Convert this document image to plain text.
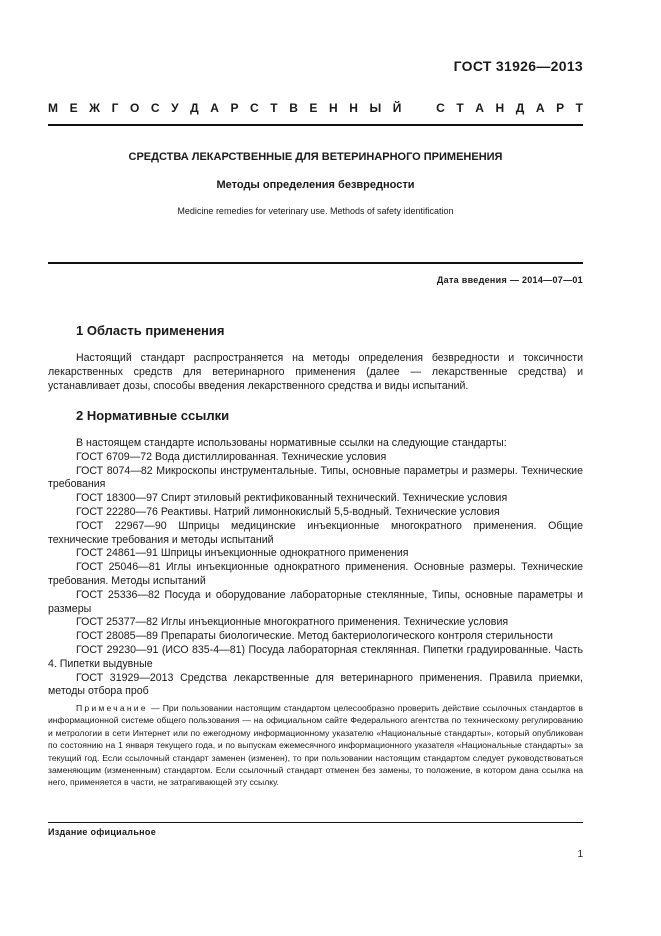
ГОСТ 31926—2013
М Е Ж Г О С У Д А Р С Т В Е Н Н Ы Й	С Т А Н Д А Р Т
СРЕДСТВА ЛЕКАРСТВЕННЫЕ ДЛЯ ВЕТЕРИНАРНОГО ПРИМЕНЕНИЯ
Методы определения безвредности
Medicine remedies for veterinary use. Methods of safety identification
Дата введения — 2014—07—01
1 Область применения

Настоящий стандарт распространяется на методы определения безвредности и токсичности лекарственных средств для ветеринарного применения (далее — лекарственные средства) и устанавливает дозы, способы введения лекарственного средства и виды испытаний.

2 Нормативные ссылки

В настоящем стандарте использованы нормативные ссылки на следующие стандарты:

ГОСТ 6709—72 Вода дистиллированная. Технические условия

ГОСТ 8074—82 Микроскопы инструментальные. Типы, основные параметры и размеры. Технические требования

ГОСТ 18300—97 Спирт этиловый ректификованный технический. Технические условия

ГОСТ 22280—76 Реактивы. Натрий лимоннокислый 5,5-водный. Технические условия

ГОСТ 22967—90 Шприцы медицинские инъекционные многократного применения. Общие технические требования и методы испытаний

ГОСТ 24861—91 Шприцы инъекционные однократного применения

ГОСТ 25046—81 Иглы инъекционные однократного применения. Основные размеры. Технические требования. Методы испытаний

ГОСТ 25336—82 Посуда и оборудование лабораторные стеклянные, Типы, основные параметры и размеры

ГОСТ 25377—82 Иглы инъекционные многократного применения. Технические условия

ГОСТ 28085—89 Препараты биологические. Метод бактериологического контроля стерильности

ГОСТ 29230—91 (ИСО 835-4—81) Посуда лабораторная стеклянная. Пипетки градуированные. Часть 4. Пипетки выдувные

ГОСТ 31929—2013 Средства лекарственные для ветеринарного применения. Правила приемки, методы отбора проб

Примечание — При пользовании настоящим стандартом целесообразно проверить действие ссылочных стандартов в информационной системе общего пользования — на официальном сайте Федерального агентства по техническому регулированию и метрологии в сети Интернет или по ежегодному информационному указателю «Национальные стандарты», который опубликован по состоянию на 1 января текущего года, и по выпускам ежемесячного информационного указателя «Национальные стандарты» за текущий год. Если ссылочный стандарт заменен (изменен), то при пользовании настоящим стандартом следует руководствоваться заменяющим (измененным) стандартом. Если ссылочный стандарт отменен без замены, то положение, в котором дана ссылка на него, применяется в части, не затрагивающей эту ссылку.
Издание официальное
1
